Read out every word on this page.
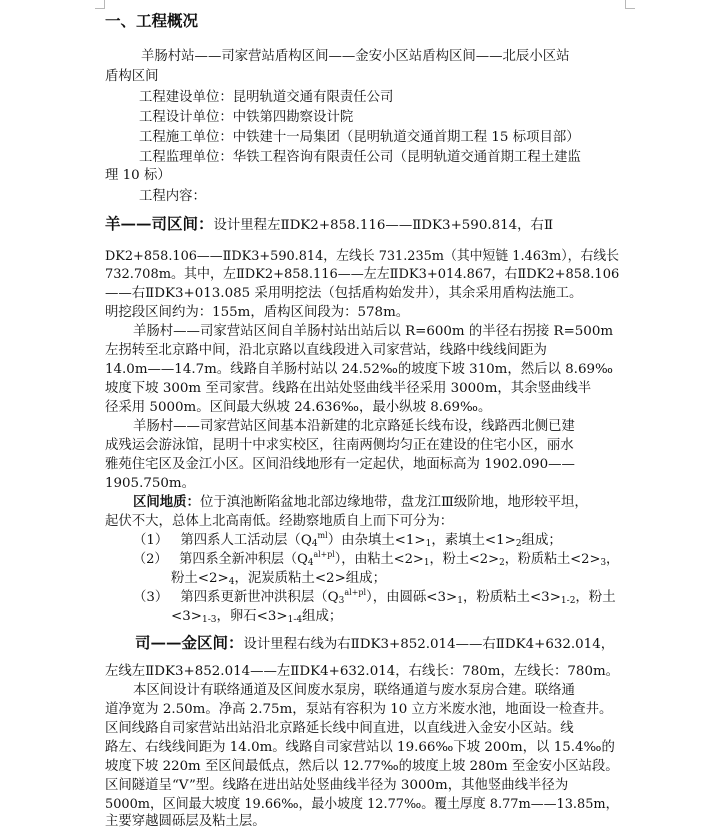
一、工程概况
羊肠村站——司家营站盾构区间——金安小区站盾构区间——北辰小区站
盾构区间
工程建设单位：昆明轨道交通有限责任公司
工程设计单位：中铁第四勘察设计院
工程施工单位：中铁建十一局集团（昆明轨道交通首期工程 15 标项目部）
工程监理单位：华铁工程咨询有限责任公司（昆明轨道交通首期工程土建监
理 10 标）
工程内容：
羊——司区间：设计里程左ⅡDK2+858.116——ⅡDK3+590.814，右Ⅱ
DK2+858.106——ⅡDK3+590.814，左线长 731.235m（其中短链 1.463m），右线长
732.708m。其中，左ⅡDK2+858.116——左左ⅡDK3+014.867，右ⅡDK2+858.106
——右ⅡDK3+013.085 采用明挖法（包括盾构始发井），其余采用盾构法施工。
明挖段区间约为：155m，盾构区间段为：578m。
羊肠村——司家营站区间自羊肠村站出站后以 R=600m 的半径右拐接 R=500m
左拐转至北京路中间，沿北京路以直线段进入司家营站，线路中线线间距为
14.0m——14.7m。线路自羊肠村站以 24.52‰的坡度下坡 310m，然后以 8.69‰
坡度下坡 300m 至司家营。线路在出站处竖曲线半径采用 3000m，其余竖曲线半
径采用 5000m。区间最大纵坡 24.636‰，最小纵坡 8.69‰。
羊肠村——司家营站区间基本沿新建的北京路延长线布设，线路西北侧已建
成残运会游泳馆，昆明十中求实校区，往南两侧均匀正在建设的住宅小区，丽水
雅苑住宅区及金江小区。区间沿线地形有一定起伏，地面标高为 1902.090——
1905.750m。
区间地质：位于滇池断陷盆地北部边缘地带，盘龙江Ⅲ级阶地，地形较平坦，
起伏不大，总体上北高南低。经勘察地质自上而下可分为：
（1） 第四系人工活动层$(Q_4^{ml})$由杂填土$<1>_1$，素填土$<1>_2$组成；
（2） 第四系全新冲积层$(Q_4^{al+pl})$，由粘土$<2>_1$，粉土$<2>_2$，粉质粘土$<2>_3$，
粉土$<2>_4$，泥炭质粘土<2>组成；
（3） 第四系更新世冲洪积层$(Q_3^{al+pl})$，由圆砾$<3>_1$，粉质粘土$<3>_{1-2}$，粉土
$<3>_{1-3}$，卵石$<3>_{1-4}$组成；
司——金区间：设计里程右线为右ⅡDK3+852.014——右ⅡDK4+632.014，
左线左ⅡDK3+852.014——左ⅡDK4+632.014，右线长：780m，左线长：780m。
本区间设计有联络通道及区间废水泵房，联络通道与废水泵房合建。联络通
道净宽为 2.50m。净高 2.75m，泵站有容积为 10 立方米废水池，地面设一检查井。
区间线路自司家营站出站沿北京路延长线中间直进，以直线进入金安小区站。线
路左、右线线间距为 14.0m。线路自司家营站以 19.66‰下坡 200m，以 15.4‰的
坡度下坡 220m 至区间最低点，然后以 12.77‰的坡度上坡 280m 至金安小区站段。
区间隧道呈“V”型。线路在进出站处竖曲线半径为 3000m，其他竖曲线半径为
5000m，区间最大坡度 19.66‰，最小坡度 12.77‰。覆土厚度 8.77m——13.85m，
主要穿越圆砾层及粘土层。
